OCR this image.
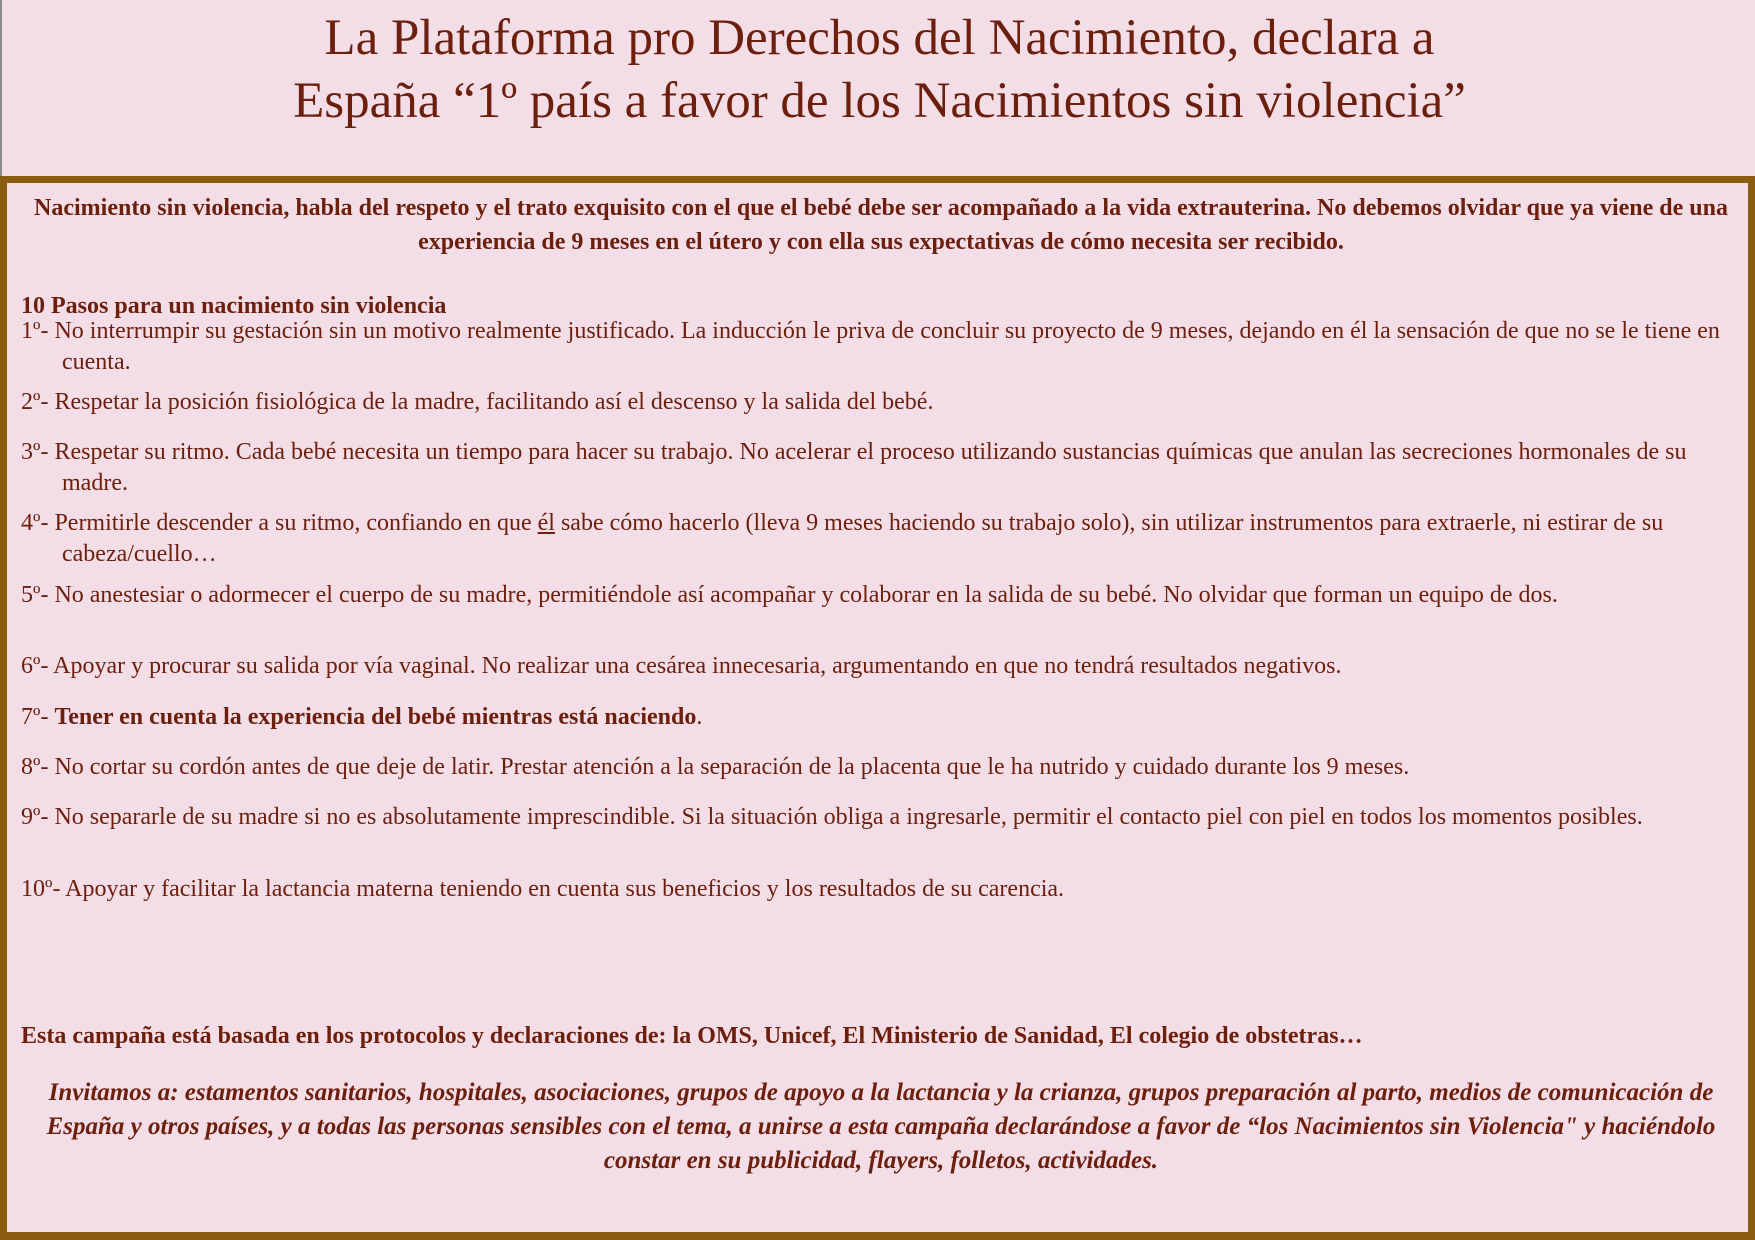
La Plataforma pro Derechos del Nacimiento, declara a
España “1º país a favor de los Nacimientos sin violencia”
Nacimiento sin violencia, habla del respeto y el trato exquisito con el que el bebé debe ser acompañado a la vida extrauterina. No debemos olvidar que ya viene de una experiencia de 9 meses en el útero y con ella sus expectativas de cómo necesita ser recibido.
10 Pasos para un nacimiento sin violencia
1º- No interrumpir su gestación sin un motivo realmente justificado. La inducción le priva de concluir su proyecto de 9 meses, dejando en él la sensación de que no se le tiene en cuenta.
2º- Respetar la posición fisiológica de la madre, facilitando así el descenso y la salida del bebé.
3º- Respetar su ritmo. Cada bebé necesita un tiempo para hacer su trabajo. No acelerar el proceso utilizando sustancias químicas que anulan las secreciones hormonales de su madre.
4º- Permitirle descender a su ritmo, confiando en que él sabe cómo hacerlo (lleva 9 meses haciendo su trabajo solo), sin utilizar instrumentos para extraerle, ni estirar de su cabeza/cuello…
5º- No anestesiar o adormecer el cuerpo de su madre, permitiéndole así acompañar y colaborar en la salida de su bebé. No olvidar que forman un equipo de dos.
6º- Apoyar y procurar su salida por vía vaginal. No realizar una cesárea innecesaria, argumentando en que no tendrá resultados negativos.
7º- Tener en cuenta la experiencia del bebé mientras está naciendo.
8º- No cortar su cordón antes de que deje de latir. Prestar atención a la separación de la placenta que le ha nutrido y cuidado durante los 9 meses.
9º- No separarle de su madre si no es absolutamente imprescindible. Si la situación obliga a ingresarle, permitir el contacto piel con piel en todos los momentos posibles.
10º- Apoyar y facilitar la lactancia materna teniendo en cuenta sus beneficios y los resultados de su carencia.
Esta campaña está basada en los protocolos y declaraciones de: la OMS, Unicef, El Ministerio de Sanidad, El colegio de obstetras…
Invitamos a: estamentos sanitarios, hospitales, asociaciones, grupos de apoyo a la lactancia y la crianza, grupos preparación al parto, medios de comunicación de España y otros países, y a todas las personas sensibles con el tema, a unirse a esta campaña declarándose a favor de “los Nacimientos sin Violencia" y haciéndolo constar en su publicidad, flayers, folletos, actividades.
